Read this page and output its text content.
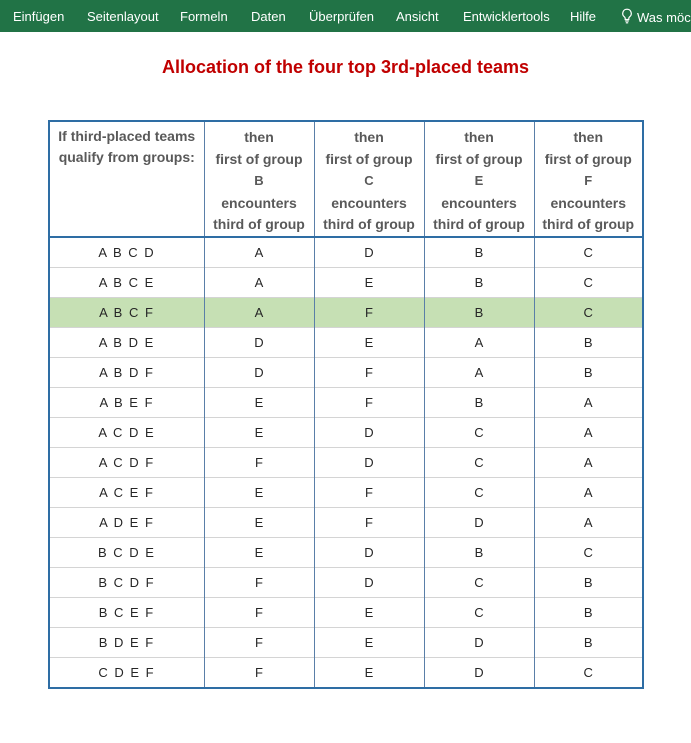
Einfügen Seitenlayout Formeln Daten Überprüfen Ansicht Entwicklertools Hilfe	Was möc
Allocation of the four top 3rd-placed teams
If third-placed teams
qualify from groups:	then
first of group
B
encounters
third of group	then
first of group
C
encounters
third of group	then
first of group
E
encounters
third of group	then
first of group
F
encounters
third of group

A B C D	A	D	B	C
A B C E	A	E	B	C
A B C F	A	F	B	C
A B D E	D	E	A	B
A B D F	D	F	A	B
A B E F	E	F	B	A
A C D E	E	D	C	A
A C D F	F	D	C	A
A C E F	E	F	C	A
A D E F	E	F	D	A
B C D E	E	D	B	C
B C D F	F	D	C	B
B C E F	F	E	C	B
B D E F	F	E	D	B
C D E F	F	E	D	C
